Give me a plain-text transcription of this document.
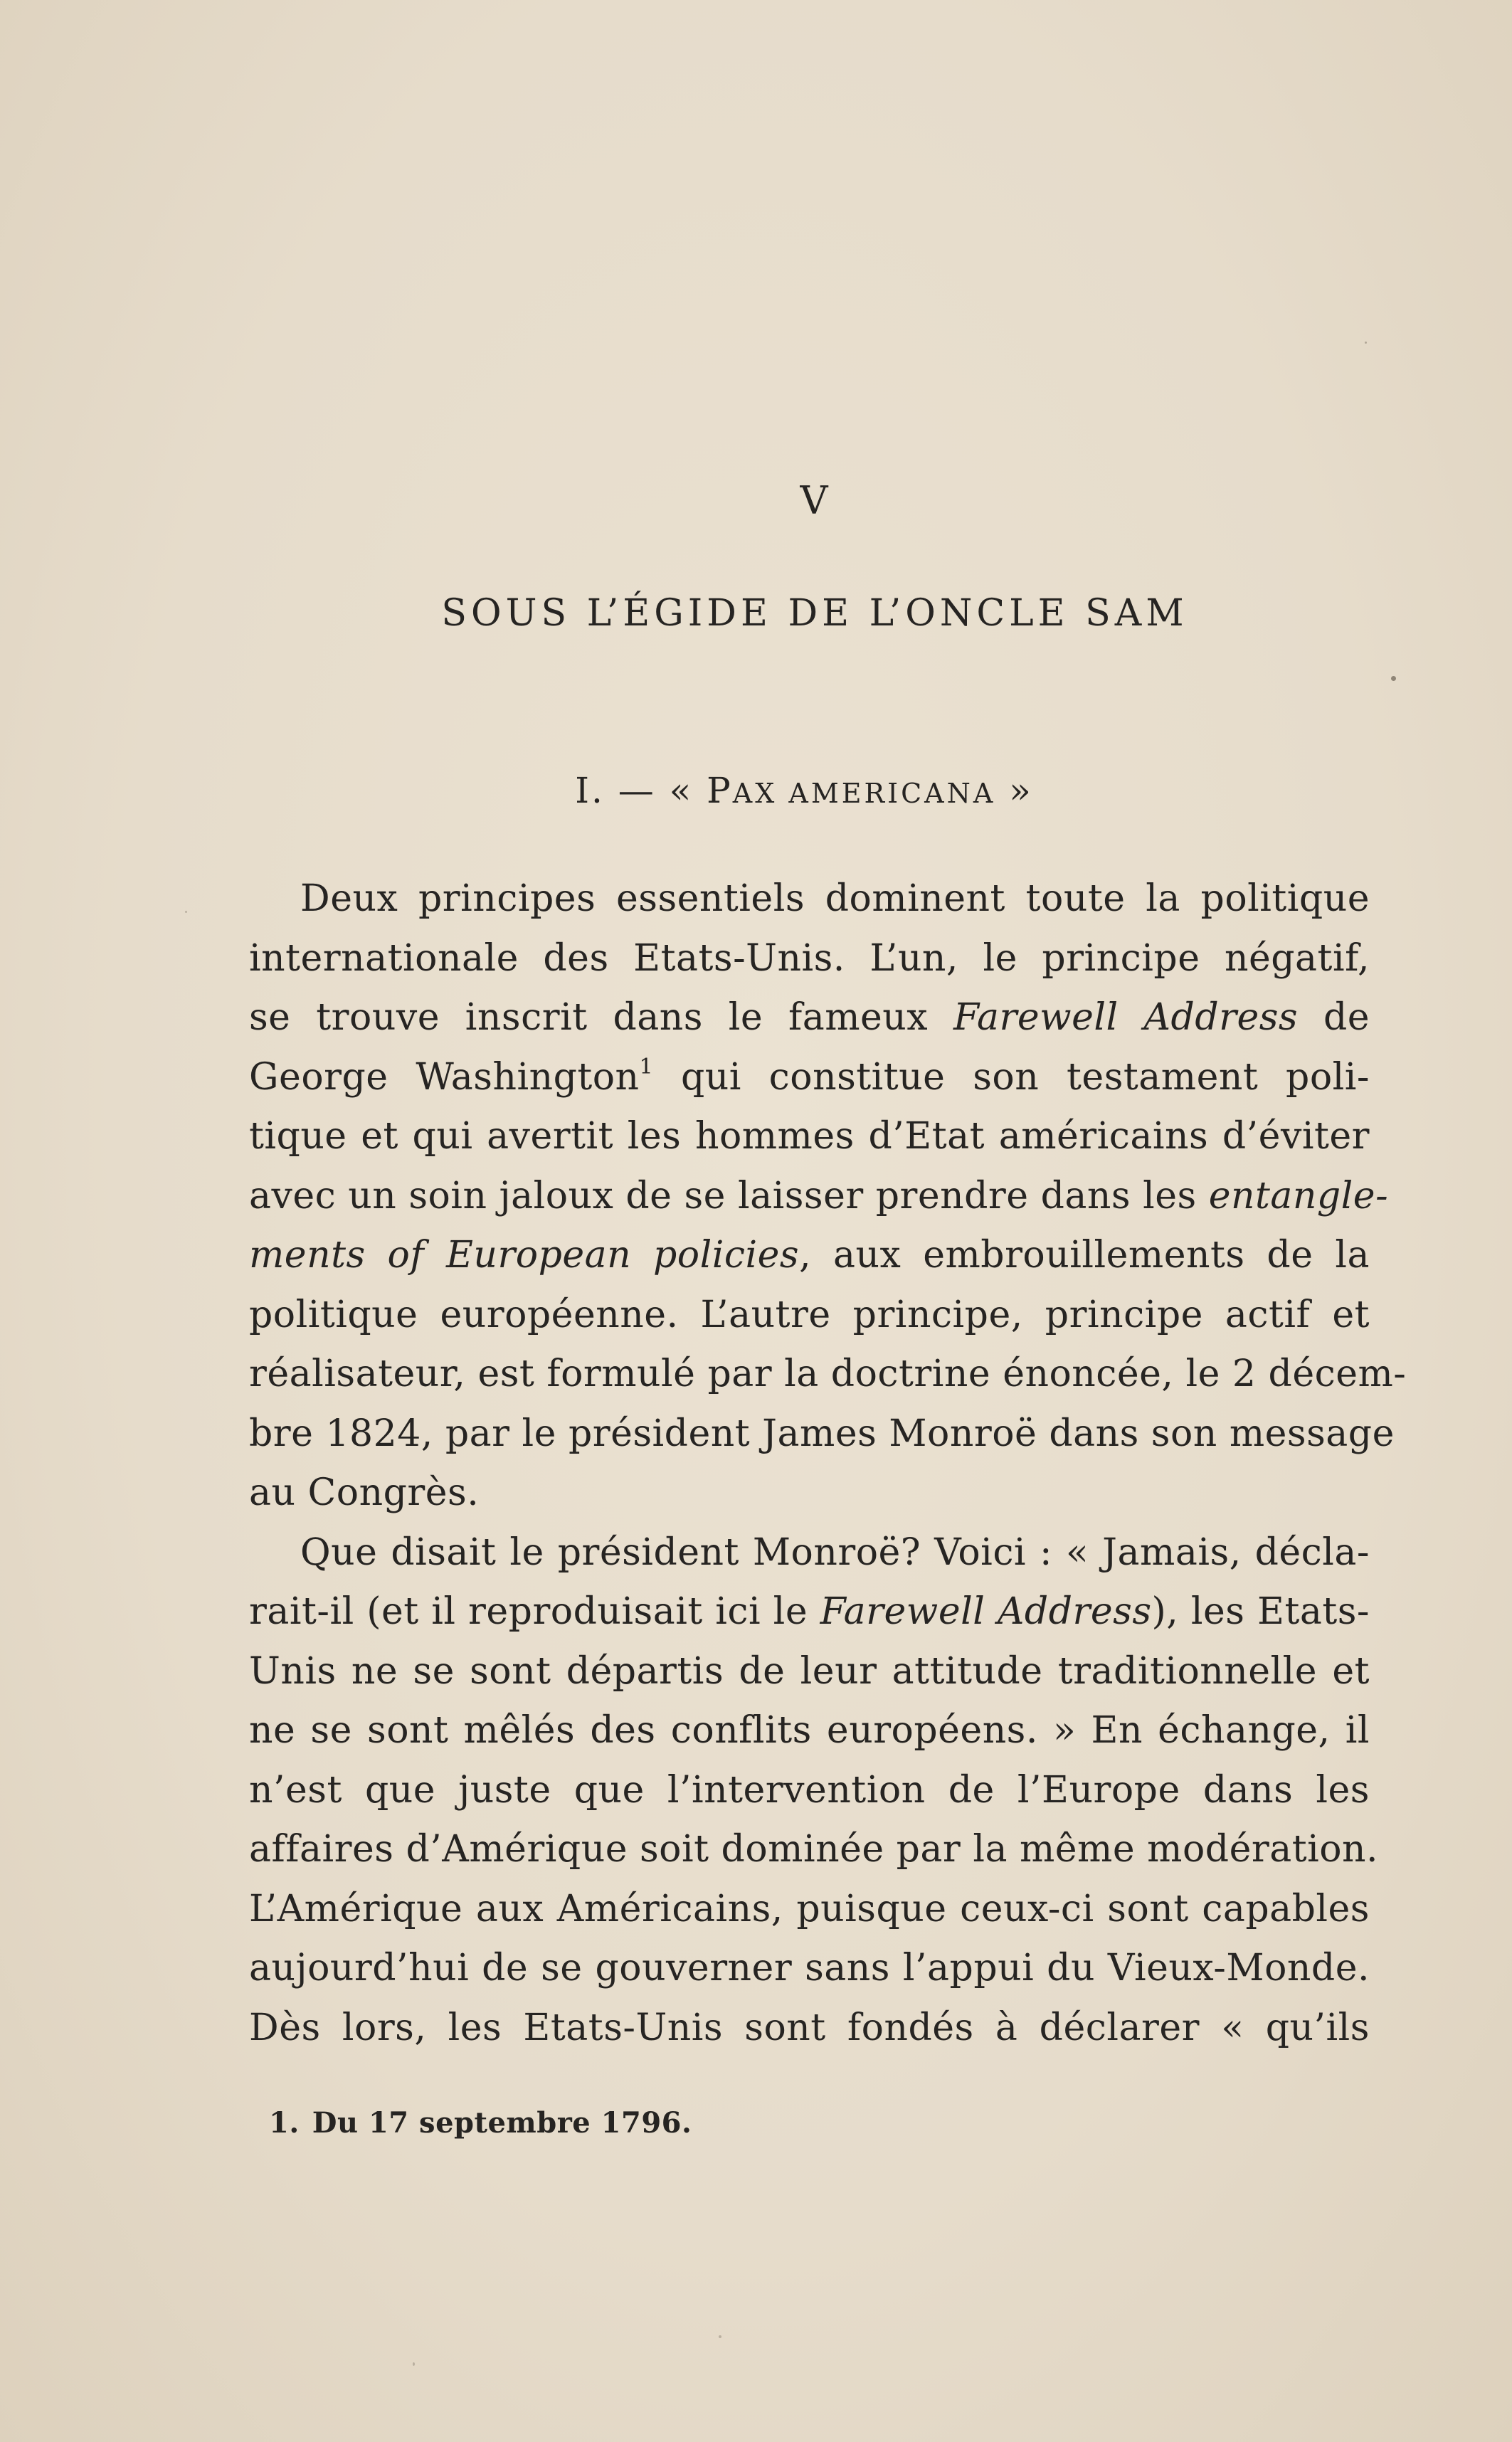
V
SOUS L’ÉGIDE DE L’ONCLE SAM
I. — « PAX AMERICANA »
Deux principes essentiels dominent toute la politique
internationale des Etats-Unis. L’un, le principe négatif,
se trouve inscrit dans le fameux Farewell Address de
George Washington$^1$ qui constitue son testament poli-
tique et qui avertit les hommes d’Etat américains d’éviter
avec un soin jaloux de se laisser prendre dans les entangle-
ments of European policies, aux embrouillements de la
politique européenne. L’autre principe, principe actif et
réalisateur, est formulé par la doctrine énoncée, le 2 décem-
bre 1824, par le président James Monroë dans son message
au Congrès.
Que disait le président Monroë? Voici : « Jamais, décla-
rait-il (et il reproduisait ici le Farewell Address), les Etats-
Unis ne se sont départis de leur attitude traditionnelle et
ne se sont mêlés des conflits européens. » En échange, il
n’est que juste que l’intervention de l’Europe dans les
affaires d’Amérique soit dominée par la même modération.
L’Amérique aux Américains, puisque ceux-ci sont capables
aujourd’hui de se gouverner sans l’appui du Vieux-Monde.
Dès lors, les Etats-Unis sont fondés à déclarer « qu’ils
1. Du 17 septembre 1796.
